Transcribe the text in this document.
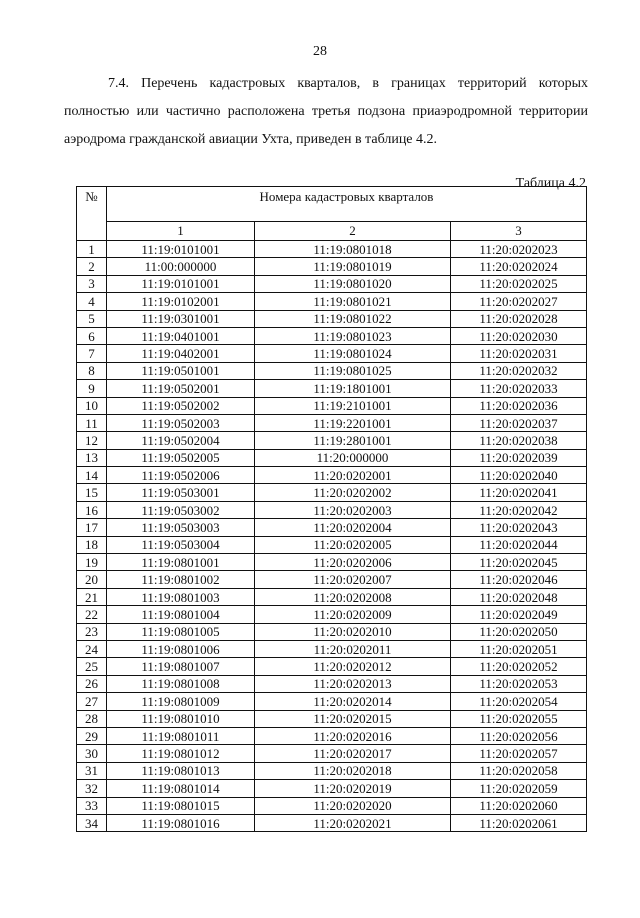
28

7.4. Перечень кадастровых кварталов, в границах территорий которых полностью или частично расположена третья подзона приаэродромной территории аэродрома гражданской авиации Ухта, приведен в таблице 4.2.

Таблица 4.2
№	Номера кадастровых кварталов		
	1	2	3
1	11:19:0101001	11:19:0801018	11:20:0202023
2	11:00:000000	11:19:0801019	11:20:0202024
3	11:19:0101001	11:19:0801020	11:20:0202025
4	11:19:0102001	11:19:0801021	11:20:0202027
5	11:19:0301001	11:19:0801022	11:20:0202028
6	11:19:0401001	11:19:0801023	11:20:0202030
7	11:19:0402001	11:19:0801024	11:20:0202031
8	11:19:0501001	11:19:0801025	11:20:0202032
9	11:19:0502001	11:19:1801001	11:20:0202033
10	11:19:0502002	11:19:2101001	11:20:0202036
11	11:19:0502003	11:19:2201001	11:20:0202037
12	11:19:0502004	11:19:2801001	11:20:0202038
13	11:19:0502005	11:20:000000	11:20:0202039
14	11:19:0502006	11:20:0202001	11:20:0202040
15	11:19:0503001	11:20:0202002	11:20:0202041
16	11:19:0503002	11:20:0202003	11:20:0202042
17	11:19:0503003	11:20:0202004	11:20:0202043
18	11:19:0503004	11:20:0202005	11:20:0202044
19	11:19:0801001	11:20:0202006	11:20:0202045
20	11:19:0801002	11:20:0202007	11:20:0202046
21	11:19:0801003	11:20:0202008	11:20:0202048
22	11:19:0801004	11:20:0202009	11:20:0202049
23	11:19:0801005	11:20:0202010	11:20:0202050
24	11:19:0801006	11:20:0202011	11:20:0202051
25	11:19:0801007	11:20:0202012	11:20:0202052
26	11:19:0801008	11:20:0202013	11:20:0202053
27	11:19:0801009	11:20:0202014	11:20:0202054
28	11:19:0801010	11:20:0202015	11:20:0202055
29	11:19:0801011	11:20:0202016	11:20:0202056
30	11:19:0801012	11:20:0202017	11:20:0202057
31	11:19:0801013	11:20:0202018	11:20:0202058
32	11:19:0801014	11:20:0202019	11:20:0202059
33	11:19:0801015	11:20:0202020	11:20:0202060
34	11:19:0801016	11:20:0202021	11:20:0202061
